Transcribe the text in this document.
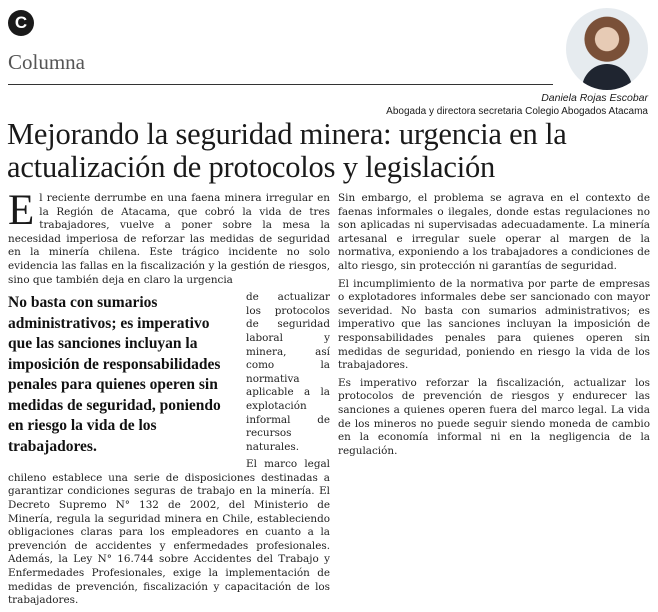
C
Columna
Daniela Rojas Escobar
Abogada y directora secretaria Colegio Abogados Atacama
Mejorando la seguridad minera: urgencia en la actualización de protocolos y legislación

El reciente derrumbe en una faena minera irregular en la Región de Atacama, que cobró la vida de tres trabajadores, vuelve a poner sobre la mesa la necesidad imperiosa de reforzar las medidas de seguridad en la minería chilena. Este trágico incidente no solo evidencia las fallas en la fiscalización y la gestión de riesgos, sino que también deja en claro la urgencia

No basta con sumarios administrativos; es imperativo que las sanciones incluyan la imposición de responsabilidades penales para quienes operen sin medidas de seguridad, poniendo en riesgo la vida de los trabajadores.

de actualizar los protocolos de seguridad laboral y minera, así como la normativa aplicable a la explotación informal de recursos naturales.

El marco legal chileno establece una serie de disposiciones destinadas a garantizar condiciones seguras de trabajo en la minería. El Decreto Supremo N° 132 de 2002, del Ministerio de Minería, regula la seguridad minera en Chile, estableciendo obligaciones claras para los empleadores en cuanto a la prevención de accidentes y enfermedades profesionales. Además, la Ley N° 16.744 sobre Accidentes del Trabajo y Enfermedades Profesionales, exige la implementación de medidas de prevención, fiscalización y capacitación de los trabajadores.

Sin embargo, el problema se agrava en el contexto de faenas informales o ilegales, donde estas regulaciones no son aplicadas ni supervisadas adecuadamente. La minería artesanal e irregular suele operar al margen de la normativa, exponiendo a los trabajadores a condiciones de alto riesgo, sin protección ni garantías de seguridad.

El incumplimiento de la normativa por parte de empresas o explotadores informales debe ser sancionado con mayor severidad. No basta con sumarios administrativos; es imperativo que las sanciones incluyan la imposición de responsabilidades penales para quienes operen sin medidas de seguridad, poniendo en riesgo la vida de los trabajadores.

Es imperativo reforzar la fiscalización, actualizar los protocolos de prevención de riesgos y endurecer las sanciones a quienes operen fuera del marco legal. La vida de los mineros no puede seguir siendo moneda de cambio en la economía informal ni en la negligencia de la regulación.
